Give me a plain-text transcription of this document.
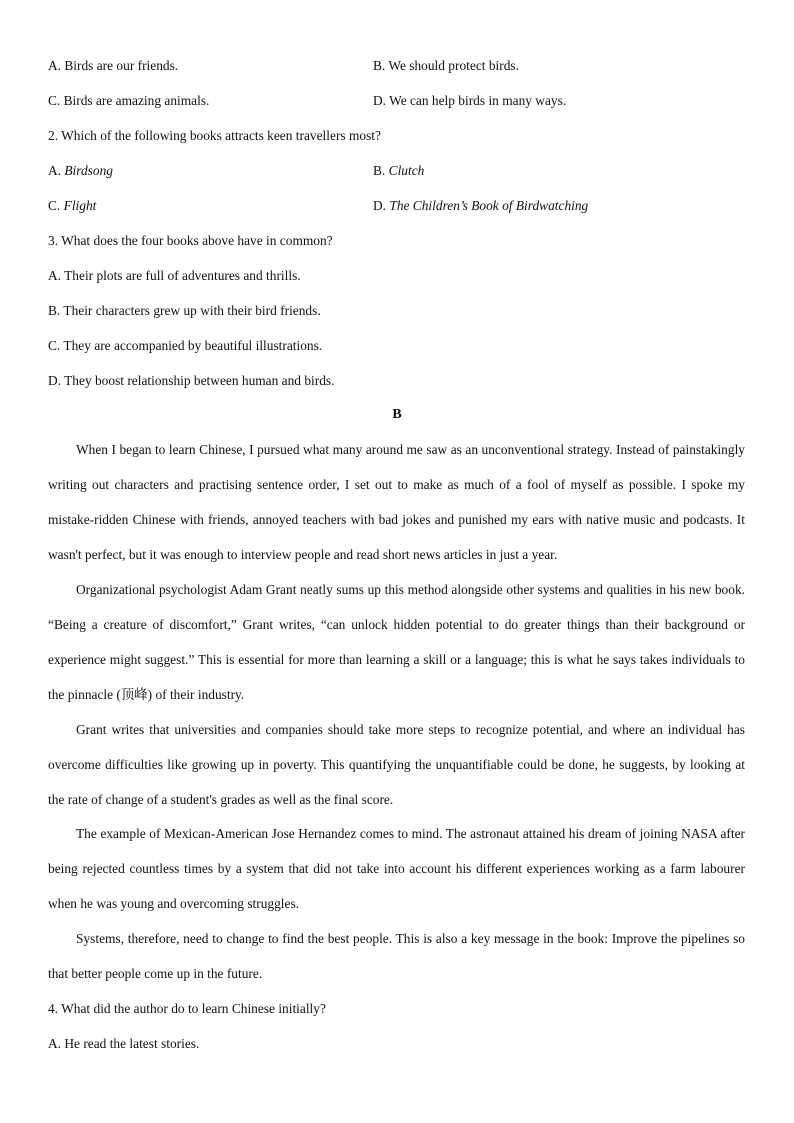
A. Birds are our friends.	B. We should protect birds.
C. Birds are amazing animals.	D. We can help birds in many ways.
2. Which of the following books attracts keen travellers most?
A. Birdsong	B. Clutch
C. Flight	D. The Children’s Book of Birdwatching
3. What does the four books above have in common?
A. Their plots are full of adventures and thrills.
B. Their characters grew up with their bird friends.
C. They are accompanied by beautiful illustrations.
D. They boost relationship between human and birds.
B

When I began to learn Chinese, I pursued what many around me saw as an unconventional strategy. Instead of painstakingly writing out characters and practising sentence order, I set out to make as much of a fool of myself as possible. I spoke my mistake-ridden Chinese with friends, annoyed teachers with bad jokes and punished my ears with native music and podcasts. It wasn't perfect, but it was enough to interview people and read short news articles in just a year.

Organizational psychologist Adam Grant neatly sums up this method alongside other systems and qualities in his new book. “Being a creature of discomfort,” Grant writes, “can unlock hidden potential to do greater things than their background or experience might suggest.” This is essential for more than learning a skill or a language; this is what he says takes individuals to the pinnacle (顶峰) of their industry.

Grant writes that universities and companies should take more steps to recognize potential, and where an individual has overcome difficulties like growing up in poverty. This quantifying the unquantifiable could be done, he suggests, by looking at the rate of change of a student's grades as well as the final score.

The example of Mexican-American Jose Hernandez comes to mind. The astronaut attained his dream of joining NASA after being rejected countless times by a system that did not take into account his different experiences working as a farm labourer when he was young and overcoming struggles.

Systems, therefore, need to change to find the best people. This is also a key message in the book: Improve the pipelines so that better people come up in the future.

4. What did the author do to learn Chinese initially?
A. He read the latest stories.
